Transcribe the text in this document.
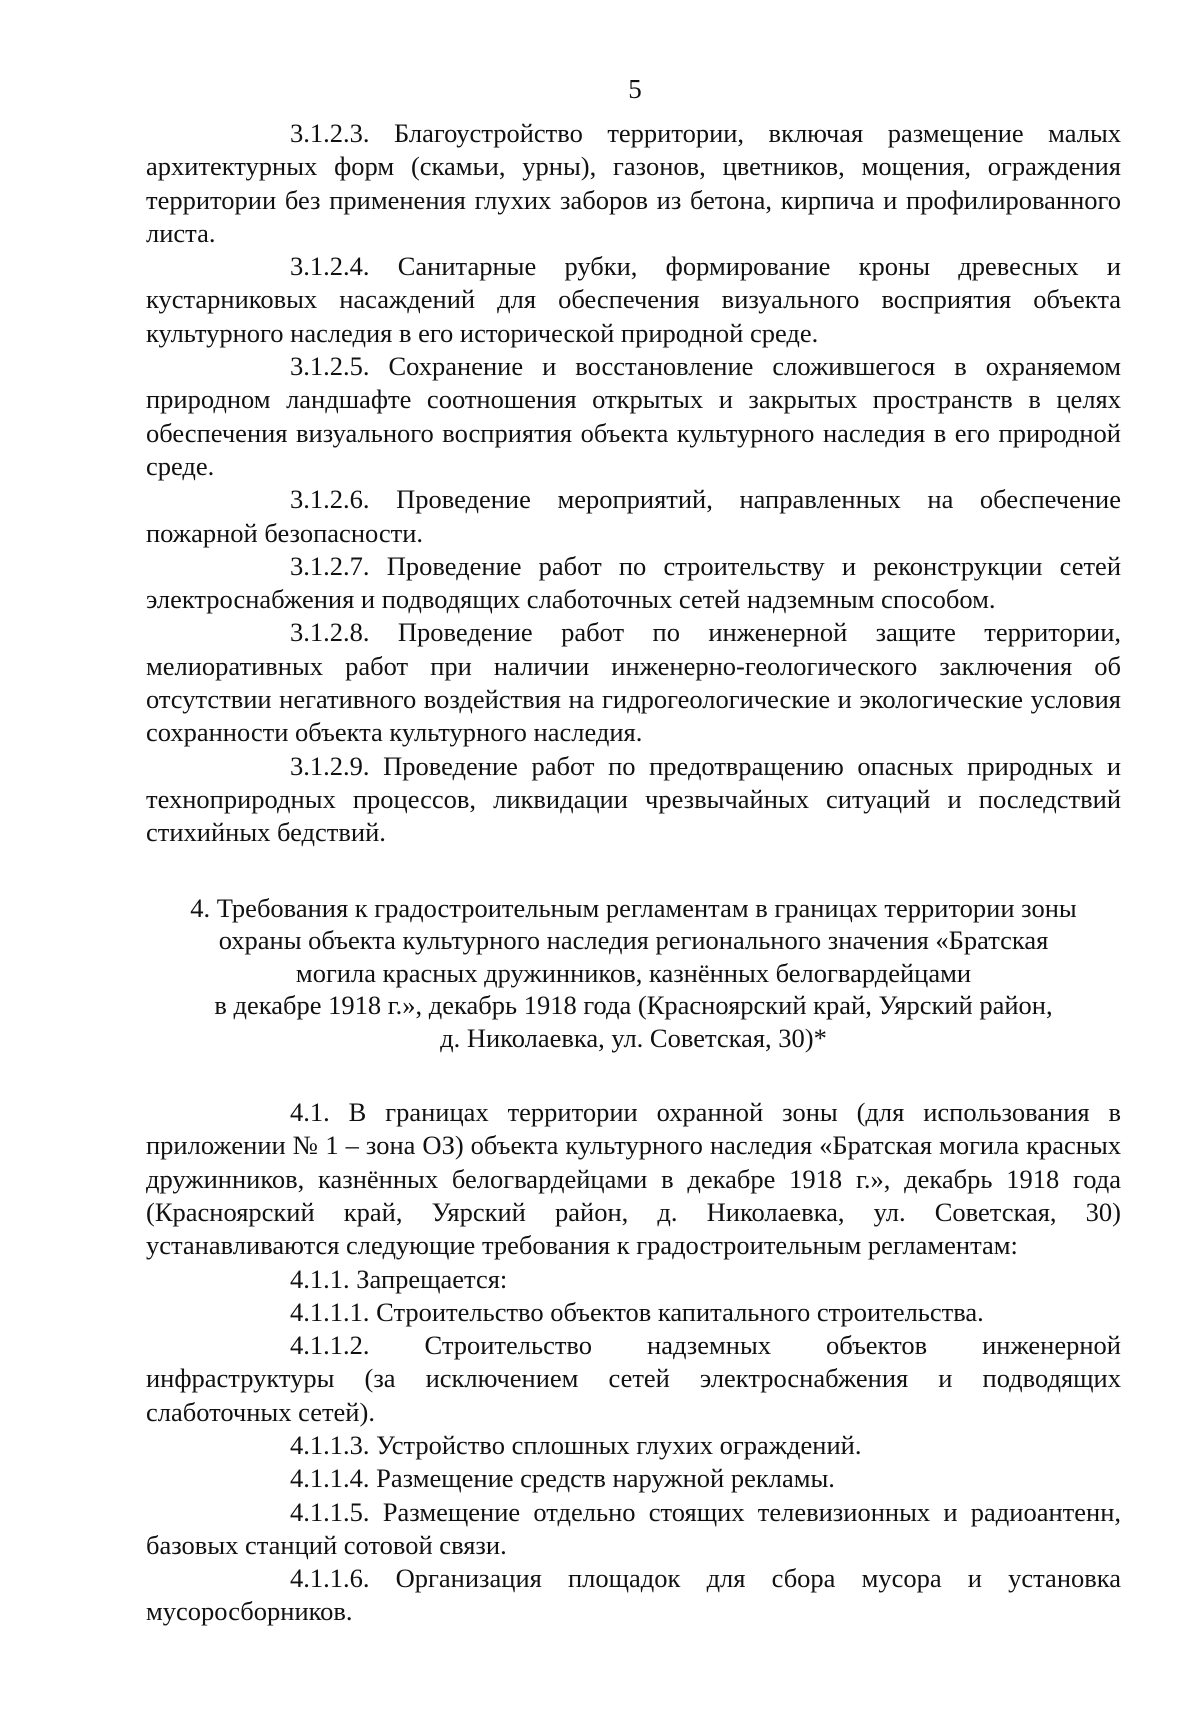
5

3.1.2.3. Благоустройство территории, включая размещение малых архитектурных форм (скамьи, урны), газонов, цветников, мощения, ограждения территории без применения глухих заборов из бетона, кирпича и профилированного листа.

3.1.2.4. Санитарные рубки, формирование кроны древесных и кустарниковых насаждений для обеспечения визуального восприятия объекта культурного наследия в его исторической природной среде.

3.1.2.5. Сохранение и восстановление сложившегося в охраняемом природном ландшафте соотношения открытых и закрытых пространств в целях обеспечения визуального восприятия объекта культурного наследия в его природной среде.

3.1.2.6. Проведение мероприятий, направленных на обеспечение пожарной безопасности.

3.1.2.7. Проведение работ по строительству и реконструкции сетей электроснабжения и подводящих слаботочных сетей надземным способом.

3.1.2.8. Проведение работ по инженерной защите территории, мелиоративных работ при наличии инженерно-геологического заключения об отсутствии негативного воздействия на гидрогеологические и экологические условия сохранности объекта культурного наследия.

3.1.2.9. Проведение работ по предотвращению опасных природных и техноприродных процессов, ликвидации чрезвычайных ситуаций и последствий стихийных бедствий.

4. Требования к градостроительным регламентам в границах территории зоны
охраны объекта культурного наследия регионального значения «Братская
могила красных дружинников, казнённых белогвардейцами
в декабре 1918 г.», декабрь 1918 года (Красноярский край, Уярский район,
д. Николаевка, ул. Советская, 30)*

4.1. В границах территории охранной зоны (для использования в приложении № 1 – зона ОЗ) объекта культурного наследия «Братская могила красных дружинников, казнённых белогвардейцами в декабре 1918 г.», декабрь 1918 года (Красноярский край, Уярский район, д. Николаевка, ул. Советская, 30) устанавливаются следующие требования к градостроительным регламентам:

4.1.1. Запрещается:

4.1.1.1. Строительство объектов капитального строительства.

4.1.1.2. Строительство надземных объектов инженерной инфраструктуры (за исключением сетей электроснабжения и подводящих слаботочных сетей).

4.1.1.3. Устройство сплошных глухих ограждений.

4.1.1.4. Размещение средств наружной рекламы.

4.1.1.5. Размещение отдельно стоящих телевизионных и радиоантенн, базовых станций сотовой связи.

4.1.1.6. Организация площадок для сбора мусора и установка мусоросборников.
